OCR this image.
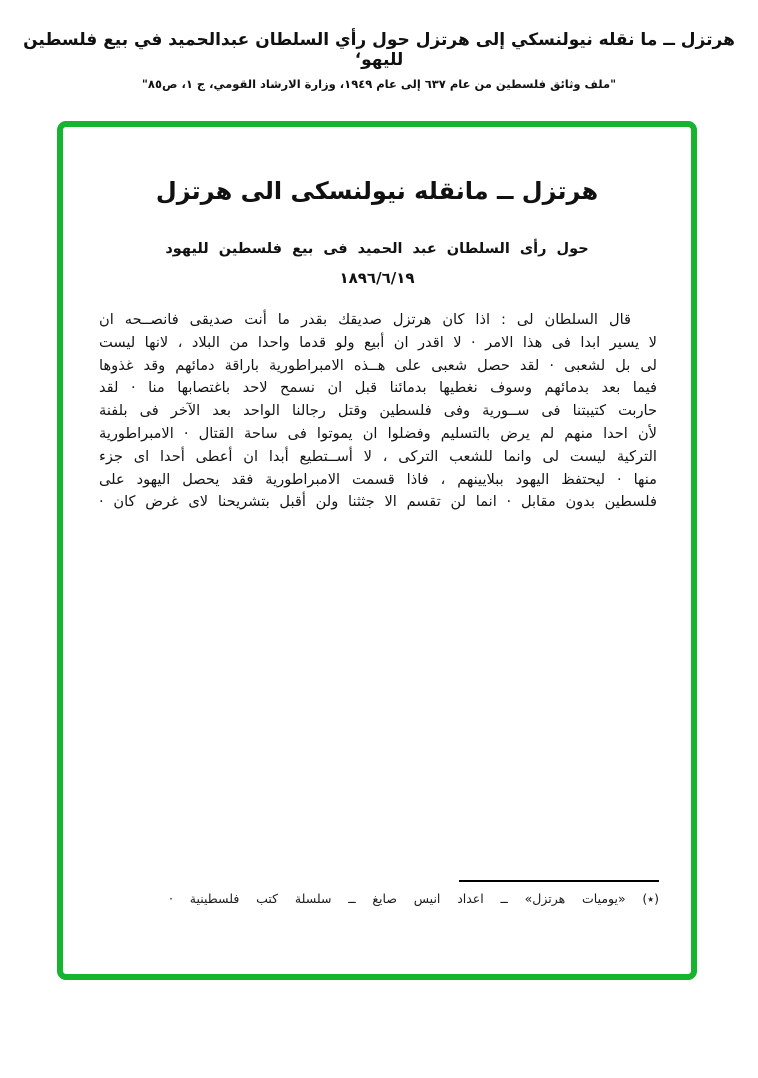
هرتزل ــ ما نقله نيولنسكي إلى هرتزل حول رأي السلطان عبدالحميد في بيع فلسطين لليهو‘
"ملف وثائق فلسطين من عام ٦٣٧ إلى عام ١٩٤٩، وزارة الارشاد القومي، ج ١، ص٨٥"
هرتزل ــ مانقله نيولنسكى الى هرتزل
حول رأى السلطان عبد الحميد فى بيع فلسطين لليهود
١٨٩٦/٦/١٩
قال السلطان لى : اذا كان هرتزل صديقك بقدر ما أنت صديقى فانصــحه ان
لا يسير ابدا فى هذا الامر · لا اقدر ان أبيع ولو قدما واحدا من البلاد ، لانها ليست
لى بل لشعبى · لقد حصل شعبى على هــذه الامبراطورية باراقة دمائهم وقد غذوها
فيما بعد بدمائهم وسوف نغطيها بدمائنا قبل ان نسمح لاحد باغتصابها منا · لقد
حاربت كتيبتنا فى ســورية وفى فلسطين وقتل رجالنا الواحد بعد الآخر فى بلفنة
لأن احدا منهم لم يرض بالتسليم وفضلوا ان يموتوا فى ساحة القتال · الامبراطورية
التركية ليست لى وانما للشعب التركى ، لا أســتطيع أبدا ان أعطى أحدا اى جزء
منها · ليحتفظ اليهود ببلايينهم ، فاذا قسمت الامبراطورية فقد يحصل اليهود على
فلسطين بدون مقابل · انما لن تقسم الا جثثنا ولن أقبل بتشريحنا لاى غرض كان ·
(٭) «يوميات هرتزل» ــ اعداد انيس صايغ ــ سلسلة كتب فلسطينية ·
